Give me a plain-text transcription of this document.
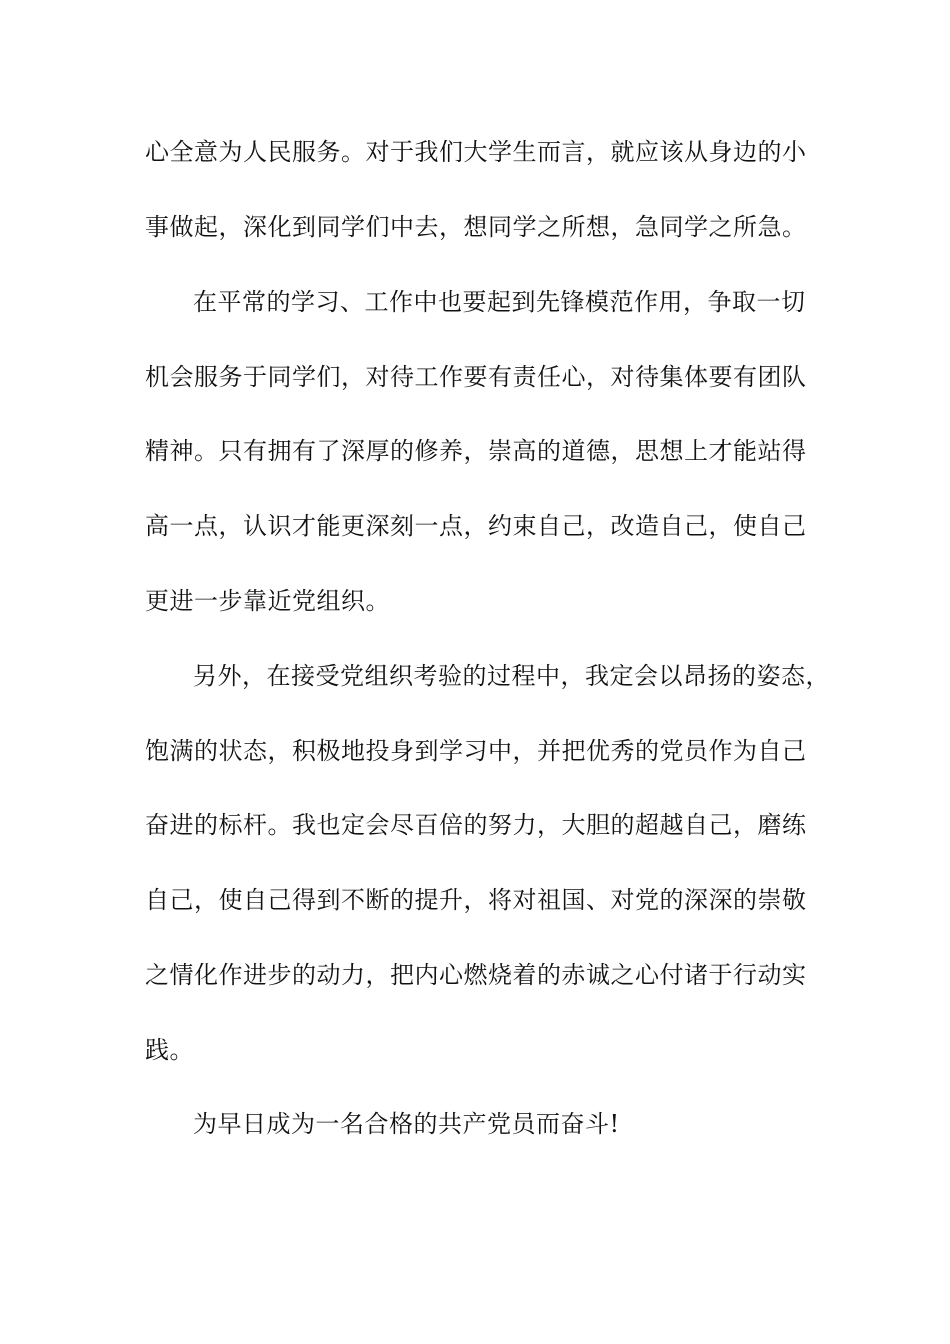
心全意为人民服务。对于我们大学生而言，就应该从身边的小
事做起，深化到同学们中去，想同学之所想，急同学之所急。
在平常的学习、工作中也要起到先锋模范作用，争取一切
机会服务于同学们，对待工作要有责任心，对待集体要有团队
精神。只有拥有了深厚的修养，崇高的道德，思想上才能站得
高一点，认识才能更深刻一点，约束自己，改造自己，使自己
更进一步靠近党组织。
另外，在接受党组织考验的过程中，我定会以昂扬的姿态，
饱满的状态，积极地投身到学习中，并把优秀的党员作为自己
奋进的标杆。我也定会尽百倍的努力，大胆的超越自己，磨练
自己，使自己得到不断的提升，将对祖国、对党的深深的崇敬
之情化作进步的动力，把内心燃烧着的赤诚之心付诸于行动实
践。
为早日成为一名合格的共产党员而奋斗!
